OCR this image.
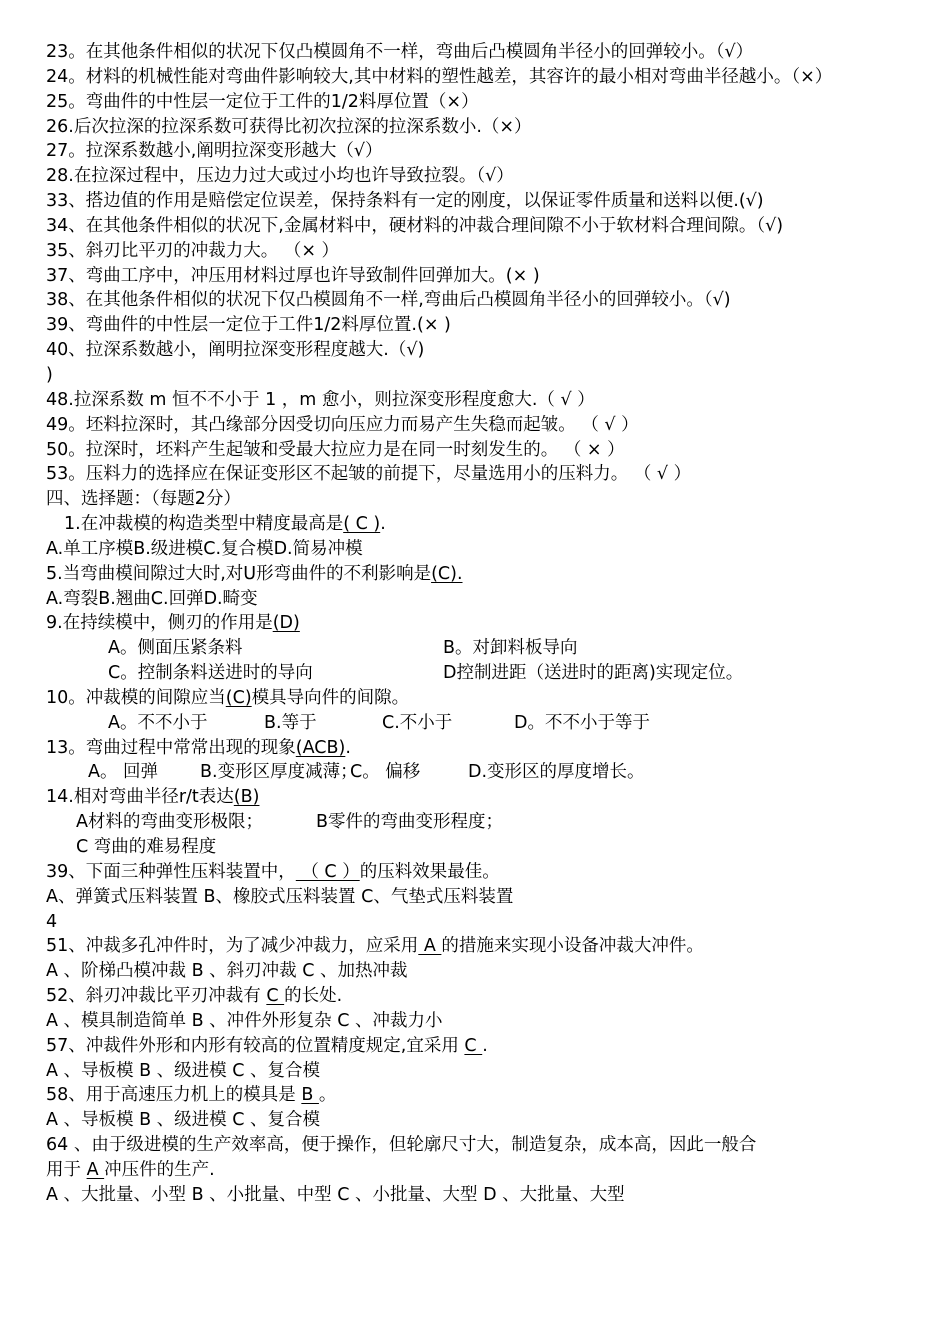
23。在其他条件相似的状况下仅凸模圆角不一样，弯曲后凸模圆角半径小的回弹较小。（√）
24。材料的机械性能对弯曲件影响较大,其中材料的塑性越差，其容许的最小相对弯曲半径越小。（×）
25。弯曲件的中性层一定位于工件的1/2料厚位置（×）
26.后次拉深的拉深系数可获得比初次拉深的拉深系数小.（×）
27。拉深系数越小,阐明拉深变形越大（√）
28.在拉深过程中，压边力过大或过小均也许导致拉裂。（√）
33、搭边值的作用是赔偿定位误差，保持条料有一定的刚度，以保证零件质量和送料以便.(√)
34、在其他条件相似的状况下,金属材料中，硬材料的冲裁合理间隙不小于软材料合理间隙。（√)
35、斜刃比平刃的冲裁力大。 （× ）
37、弯曲工序中，冲压用材料过厚也许导致制件回弹加大。(× )
38、在其他条件相似的状况下仅凸模圆角不一样,弯曲后凸模圆角半径小的回弹较小。（√)
39、弯曲件的中性层一定位于工件1/2料厚位置.(× )
40、拉深系数越小，阐明拉深变形程度越大.（√)
)
48.拉深系数 m 恒不不小于 1 ，m 愈小，则拉深变形程度愈大.（ √ ）
49。坯料拉深时，其凸缘部分因受切向压应力而易产生失稳而起皱。 （ √ ）
50。拉深时，坯料产生起皱和受最大拉应力是在同一时刻发生的。 （ × ）
53。压料力的选择应在保证变形区不起皱的前提下，尽量选用小的压料力。 （ √ ）
四、选择题：（每题2分）
1.在冲裁模的构造类型中精度最高是( C ).
A.单工序模B.级进模C.复合模D.简易冲模
5.当弯曲模间隙过大时,对U形弯曲件的不利影响是(C).
A.弯裂B.翘曲C.回弹D.畸变
9.在持续模中，侧刃的作用是(D)
A。侧面压紧条料	B。对卸料板导向
C。控制条料送进时的导向	D控制进距（送进时的距离)实现定位。
10。冲裁模的间隙应当(C)模具导向件的间隙。
A。不不小于	B.等于	C.不小于	D。不不小于等于
13。弯曲过程中常常出现的现象(ACB).
A。 回弹 B.变形区厚度减薄；C。 偏移	D.变形区的厚度增长。
14.相对弯曲半径r/t表达(B)
A材料的弯曲变形极限；	B零件的弯曲变形程度；
C 弯曲的难易程度
39、下面三种弹性压料装置中， （ C ）的压料效果最佳。
A、弹簧式压料装置 B、橡胶式压料装置 C、气垫式压料装置
4
51、冲裁多孔冲件时，为了减少冲裁力，应采用 A 的措施来实现小设备冲裁大冲件。
A 、阶梯凸模冲裁 B 、斜刃冲裁 C 、加热冲裁
52、斜刃冲裁比平刃冲裁有 C 的长处.
A 、模具制造简单 B 、冲件外形复杂 C 、冲裁力小
57、冲裁件外形和内形有较高的位置精度规定,宜采用 C .
A 、导板模 B 、级进模 C 、复合模
58、用于高速压力机上的模具是 B 。
A 、导板模 B 、级进模 C 、复合模
64 、由于级进模的生产效率高，便于操作，但轮廓尺寸大，制造复杂，成本高，因此一般合
用于 A 冲压件的生产.
A 、大批量、小型 B 、小批量、中型 C 、小批量、大型 D 、大批量、大型
